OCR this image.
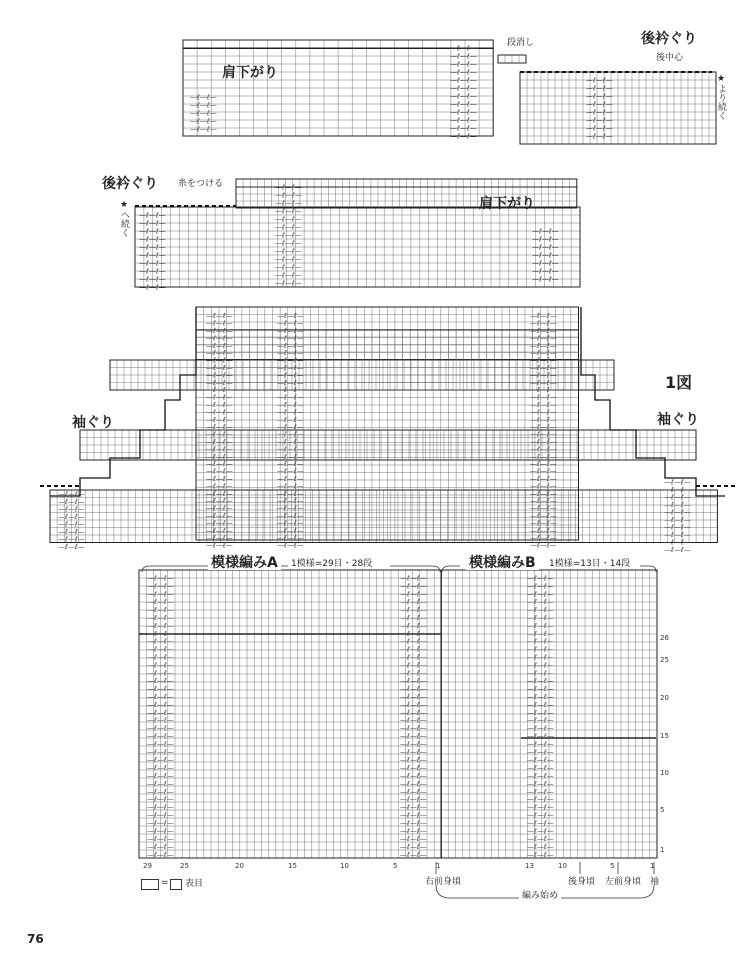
—ℓ—ℓ—
—ℓ—ℓ—
—ℓ—ℓ—
—ℓ—ℓ—
—ℓ—ℓ—
—ℓ—ℓ—
—ℓ—ℓ—
—ℓ—ℓ—
—ℓ—ℓ—
—ℓ—ℓ—
—ℓ—ℓ—
—ℓ—ℓ—
—ℓ—ℓ—
—ℓ—ℓ—
—ℓ—ℓ—
—ℓ—ℓ—
—ℓ—ℓ—
—ℓ—ℓ—
—ℓ—ℓ—
—ℓ—ℓ—
—ℓ—ℓ—
—ℓ—ℓ—
—ℓ—ℓ—
—ℓ—ℓ—
—ℓ—ℓ—
—ℓ—ℓ—
—ℓ—ℓ—
—ℓ—ℓ—
—ℓ—ℓ—
—ℓ—ℓ—
—ℓ—ℓ—
—ℓ—ℓ—
—ℓ—ℓ—
—ℓ—ℓ—
—ℓ—ℓ—
—ℓ—ℓ—
—ℓ—ℓ—
—ℓ—ℓ—
—ℓ—ℓ—
—ℓ—ℓ—
—ℓ—ℓ—
—ℓ—ℓ—
—ℓ—ℓ—
—ℓ—ℓ—
—ℓ—ℓ—
—ℓ—ℓ—
—ℓ—ℓ—
—ℓ—ℓ—
—ℓ—ℓ—
—ℓ—ℓ—
—ℓ—ℓ—
—ℓ—ℓ—
—ℓ—ℓ—
—ℓ—ℓ—
—ℓ—ℓ—
—ℓ—ℓ—
—ℓ—ℓ—
—ℓ—ℓ—
—ℓ—ℓ—
—ℓ—ℓ—
—ℓ—ℓ—
—ℓ—ℓ—
—ℓ—ℓ—
—ℓ—ℓ—
—ℓ—ℓ—
—ℓ—ℓ—
—ℓ—ℓ—
—ℓ—ℓ—
—ℓ—ℓ—
—ℓ—ℓ—
—ℓ—ℓ—
—ℓ—ℓ—
—ℓ—ℓ—
—ℓ—ℓ—
—ℓ—ℓ—
—ℓ—ℓ—
—ℓ—ℓ—
—ℓ—ℓ—
—ℓ—ℓ—
—ℓ—ℓ—
—ℓ—ℓ—
—ℓ—ℓ—
—ℓ—ℓ—
—ℓ—ℓ—
—ℓ—ℓ—
—ℓ—ℓ—
—ℓ—ℓ—
—ℓ—ℓ—
—ℓ—ℓ—
—ℓ—ℓ—
—ℓ—ℓ—
—ℓ—ℓ—
—ℓ—ℓ—
—ℓ—ℓ—
—ℓ—ℓ—
—ℓ—ℓ—
—ℓ—ℓ—
—ℓ—ℓ—
—ℓ—ℓ—
—ℓ—ℓ—
—ℓ—ℓ—
—ℓ—ℓ—
—ℓ—ℓ—
—ℓ—ℓ—
—ℓ—ℓ—
—ℓ—ℓ—
—ℓ—ℓ—
—ℓ—ℓ—
—ℓ—ℓ—
—ℓ—ℓ—
—ℓ—ℓ—
—ℓ—ℓ—
—ℓ—ℓ—
—ℓ—ℓ—
—ℓ—ℓ—
—ℓ—ℓ—
—ℓ—ℓ—
—ℓ—ℓ—
—ℓ—ℓ—
—ℓ—ℓ—
—ℓ—ℓ—
—ℓ—ℓ—
—ℓ—ℓ—
—ℓ—ℓ—
—ℓ—ℓ—
—ℓ—ℓ—
—ℓ—ℓ—
—ℓ—ℓ—
—ℓ—ℓ—
—ℓ—ℓ—
—ℓ—ℓ—
—ℓ—ℓ—
—ℓ—ℓ—
—ℓ—ℓ—
—ℓ—ℓ—
—ℓ—ℓ—
—ℓ—ℓ—
—ℓ—ℓ—
—ℓ—ℓ—
—ℓ—ℓ—
—ℓ—ℓ—
—ℓ—ℓ—
—ℓ—ℓ—
—ℓ—ℓ—
—ℓ—ℓ—
—ℓ—ℓ—
—ℓ—ℓ—
—ℓ—ℓ—
—ℓ—ℓ—
—ℓ—ℓ—
—ℓ—ℓ—
—ℓ—ℓ—
—ℓ—ℓ—
—ℓ—ℓ—
—ℓ—ℓ—
—ℓ—ℓ—
—ℓ—ℓ—
—ℓ—ℓ—
—ℓ—ℓ—
—ℓ—ℓ—
—ℓ—ℓ—
—ℓ—ℓ—
—ℓ—ℓ—
—ℓ—ℓ—
—ℓ—ℓ—
—ℓ—ℓ—
—ℓ—ℓ—
—ℓ—ℓ—
—ℓ—ℓ—
—ℓ—ℓ—
—ℓ—ℓ—
—ℓ—ℓ—
—ℓ—ℓ—
—ℓ—ℓ—
—ℓ—ℓ—
—ℓ—ℓ—
—ℓ—ℓ—
—ℓ—ℓ—
—ℓ—ℓ—
—ℓ—ℓ—
—ℓ—ℓ—
—ℓ—ℓ—
—ℓ—ℓ—
—ℓ—ℓ—
—ℓ—ℓ—
—ℓ—ℓ—
—ℓ—ℓ—
—ℓ—ℓ—
—ℓ—ℓ—
—ℓ—ℓ—
—ℓ—ℓ—
—ℓ—ℓ—
—ℓ—ℓ—
—ℓ—ℓ—
—ℓ—ℓ—
—ℓ—ℓ—
—ℓ—ℓ—
—ℓ—ℓ—
—ℓ—ℓ—
—ℓ—ℓ—
—ℓ—ℓ—
—ℓ—ℓ—
—ℓ—ℓ—
—ℓ—ℓ—
—ℓ—ℓ—
—ℓ—ℓ—
—ℓ—ℓ—
—ℓ—ℓ—
—ℓ—ℓ—
—ℓ—ℓ—
—ℓ—ℓ—
—ℓ—ℓ—
—ℓ—ℓ—
—ℓ—ℓ—
—ℓ—ℓ—
—ℓ—ℓ—
—ℓ—ℓ—
—ℓ—ℓ—
—ℓ—ℓ—
—ℓ—ℓ—
—ℓ—ℓ—
—ℓ—ℓ—
—ℓ—ℓ—
—ℓ—ℓ—
—ℓ—ℓ—
—ℓ—ℓ—
—ℓ—ℓ—
—ℓ—ℓ—
—ℓ—ℓ—
—ℓ—ℓ—
—ℓ—ℓ—
—ℓ—ℓ—
—ℓ—ℓ—
—ℓ—ℓ—
—ℓ—ℓ—
—ℓ—ℓ—
—ℓ—ℓ—
—ℓ—ℓ—
—ℓ—ℓ—
—ℓ—ℓ—
—ℓ—ℓ—
—ℓ—ℓ—
—ℓ—ℓ—
—ℓ—ℓ—
—ℓ—ℓ—
—ℓ—ℓ—
—ℓ—ℓ—
—ℓ—ℓ—
—ℓ—ℓ—
—ℓ—ℓ—
—ℓ—ℓ—
—ℓ—ℓ—
—ℓ—ℓ—
—ℓ—ℓ—
—ℓ—ℓ—
—ℓ—ℓ—
—ℓ—ℓ—
—ℓ—ℓ—
—ℓ—ℓ—
—ℓ—ℓ—
—ℓ—ℓ—
—ℓ—ℓ—
—ℓ—ℓ—
—ℓ—ℓ—
—ℓ—ℓ—
—ℓ—ℓ—
—ℓ—ℓ—
—ℓ—ℓ—
—ℓ—ℓ—
—ℓ—ℓ—
—ℓ—ℓ—
—ℓ—ℓ—
—ℓ—ℓ—
—ℓ—ℓ—
—ℓ—ℓ—
—ℓ—ℓ—
—ℓ—ℓ—
29	25	20	15	10	5	1	13	10	5	1
26
25
20
15
10
5
1
段消し	後衿ぐり
後中心
★より続く
肩下がり
後衿ぐり 糸をつける
★へ続く	肩下がり
袖ぐり	袖ぐり
1図
模様編みA	1模様=29目・28段	模様編みB	1模様=13目・14段
= 表目	右前身頃	後身頃 左前身頃 袖
編み始め
76
